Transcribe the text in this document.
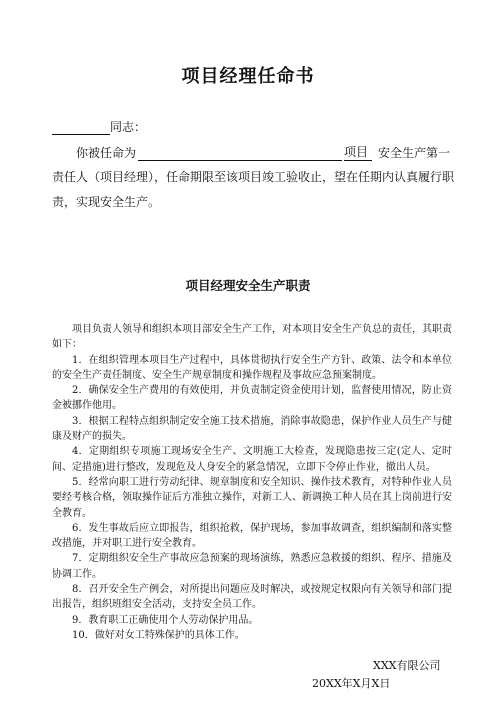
项目经理任命书
同志：
你被任命为	项目 安全生产第一
责任人（项目经理），任命期限至该项目竣工验收止，望在任期内认真履行职
责，实现安全生产。
项目经理安全生产职责

项目负责人领导和组织本项目部安全生产工作，对本项目安全生产负总的责任，其职责如下：

1．在组织管理本项目生产过程中，具体贯彻执行安全生产方针、政策、法令和本单位的安全生产责任制度、安全生产规章制度和操作规程及事故应急预案制度。

2．确保安全生产费用的有效使用，并负责制定资金使用计划，监督使用情况，防止资金被挪作他用。

3．根据工程特点组织制定安全施工技术措施，消除事故隐患，保护作业人员生产与健康及财产的损失。

4．定期组织专项施工现场安全生产、文明施工大检查，发现隐患按三定(定人、定时间、定措施)进行整改，发现危及人身安全的紧急情况，立即下令停止作业，撤出人员。

5．经常向职工进行劳动纪律、规章制度和安全知识、操作技术教育，对特种作业人员要经考核合格，领取操作证后方准独立操作，对新工人、新调换工种人员在其上岗前进行安全教育。

6．发生事故后应立即报告，组织抢救，保护现场，参加事故调查，组织编制和落实整改措施，并对职工进行安全教育。

7．定期组织安全生产事故应急预案的现场演练，熟悉应急救援的组织、程序、措施及协调工作。

8．召开安全生产例会，对所提出问题应及时解决，或按规定权限向有关领导和部门提出报告，组织班组安全活动，支持安全员工作。

9．教育职工正确使用个人劳动保护用品。

10．做好对女工特殊保护的具体工作。

XXX有限公司
20XX年X月X日
